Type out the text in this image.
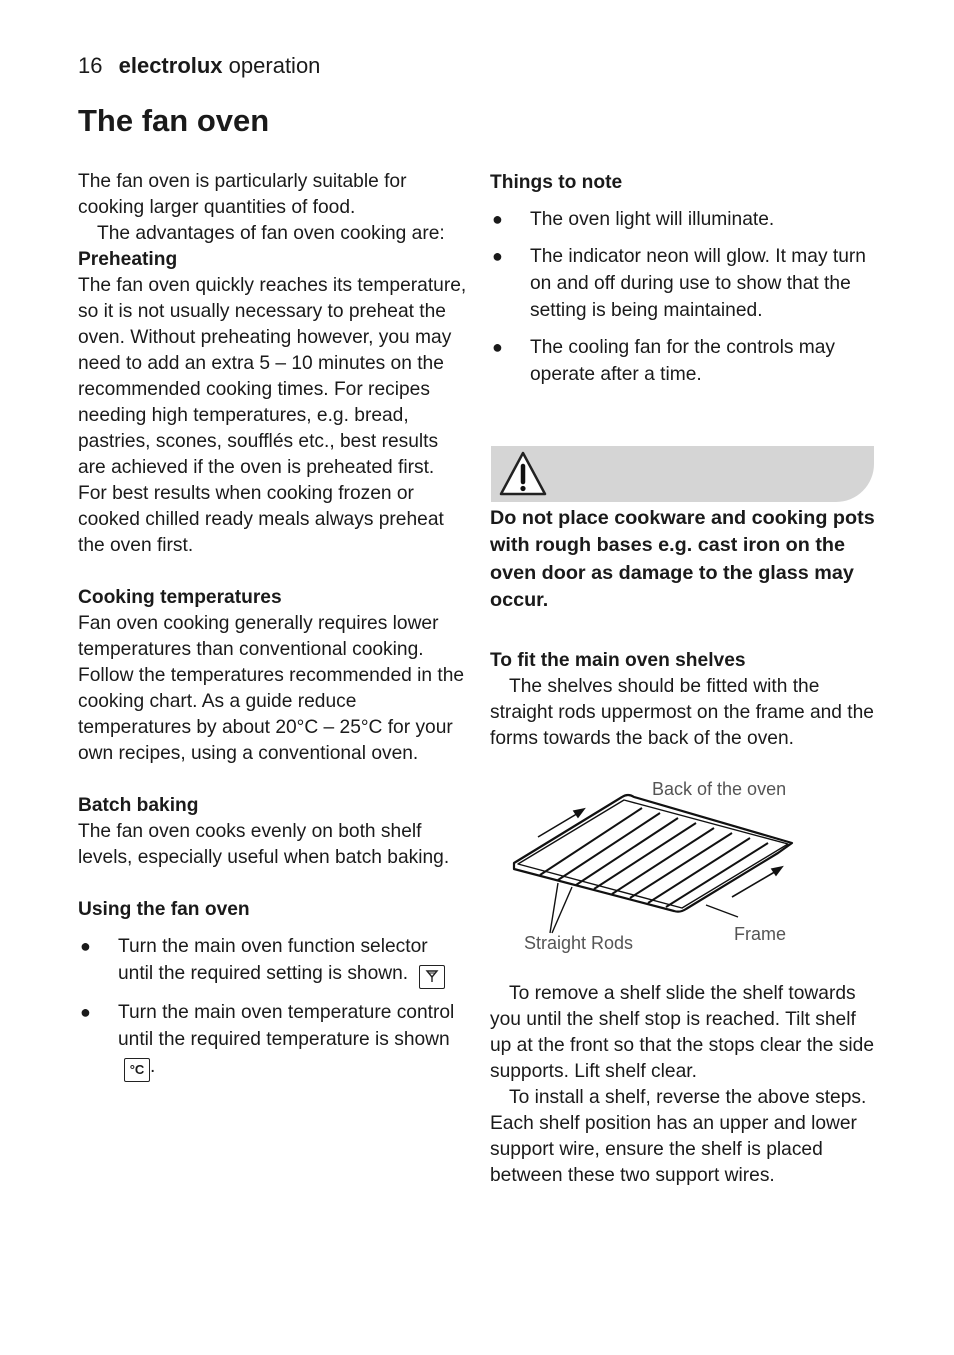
16 electrolux operation
The fan oven

The fan oven is particularly suitable for cooking larger quantities of food.

The advantages of fan oven cooking are:

Preheating

The fan oven quickly reaches its temperature, so it is not usually necessary to preheat the oven. Without preheating however, you may need to add an extra 5 – 10 minutes on the recommended cooking times. For recipes needing high temperatures, e.g. bread, pastries, scones, soufflés etc., best results are achieved if the oven is preheated first. For best results when cooking frozen or cooked chilled ready meals always preheat the oven first.

Cooking temperatures

Fan oven cooking generally requires lower temperatures than conventional cooking. Follow the temperatures recommended in the cooking chart. As a guide reduce temperatures by about 20°C – 25°C for your own recipes, using a conventional oven.

Batch baking

The fan oven cooks evenly on both shelf levels, especially useful when batch baking.

Using the fan oven
● Turn the main oven function selector until the required setting is shown.
● Turn the main oven temperature control until the required temperature is shown °C .
Things to note
● The oven light will illuminate.
● The indicator neon will glow. It may turn on and off during use to show that the setting is being maintained.
● The cooling fan for the controls may operate after a time.
Do not place cookware and cooking pots with rough bases e.g. cast iron on the oven door as damage to the glass may occur.
To fit the main oven shelves

The shelves should be fitted with the straight rods uppermost on the frame and the forms towards the back of the oven.

Back of the oven
Straight Rods	Frame

To remove a shelf slide the shelf towards you until the shelf stop is reached. Tilt shelf up at the front so that the stops clear the side supports. Lift shelf clear.

To install a shelf, reverse the above steps. Each shelf position has an upper and lower support wire, ensure the shelf is placed between these two support wires.
